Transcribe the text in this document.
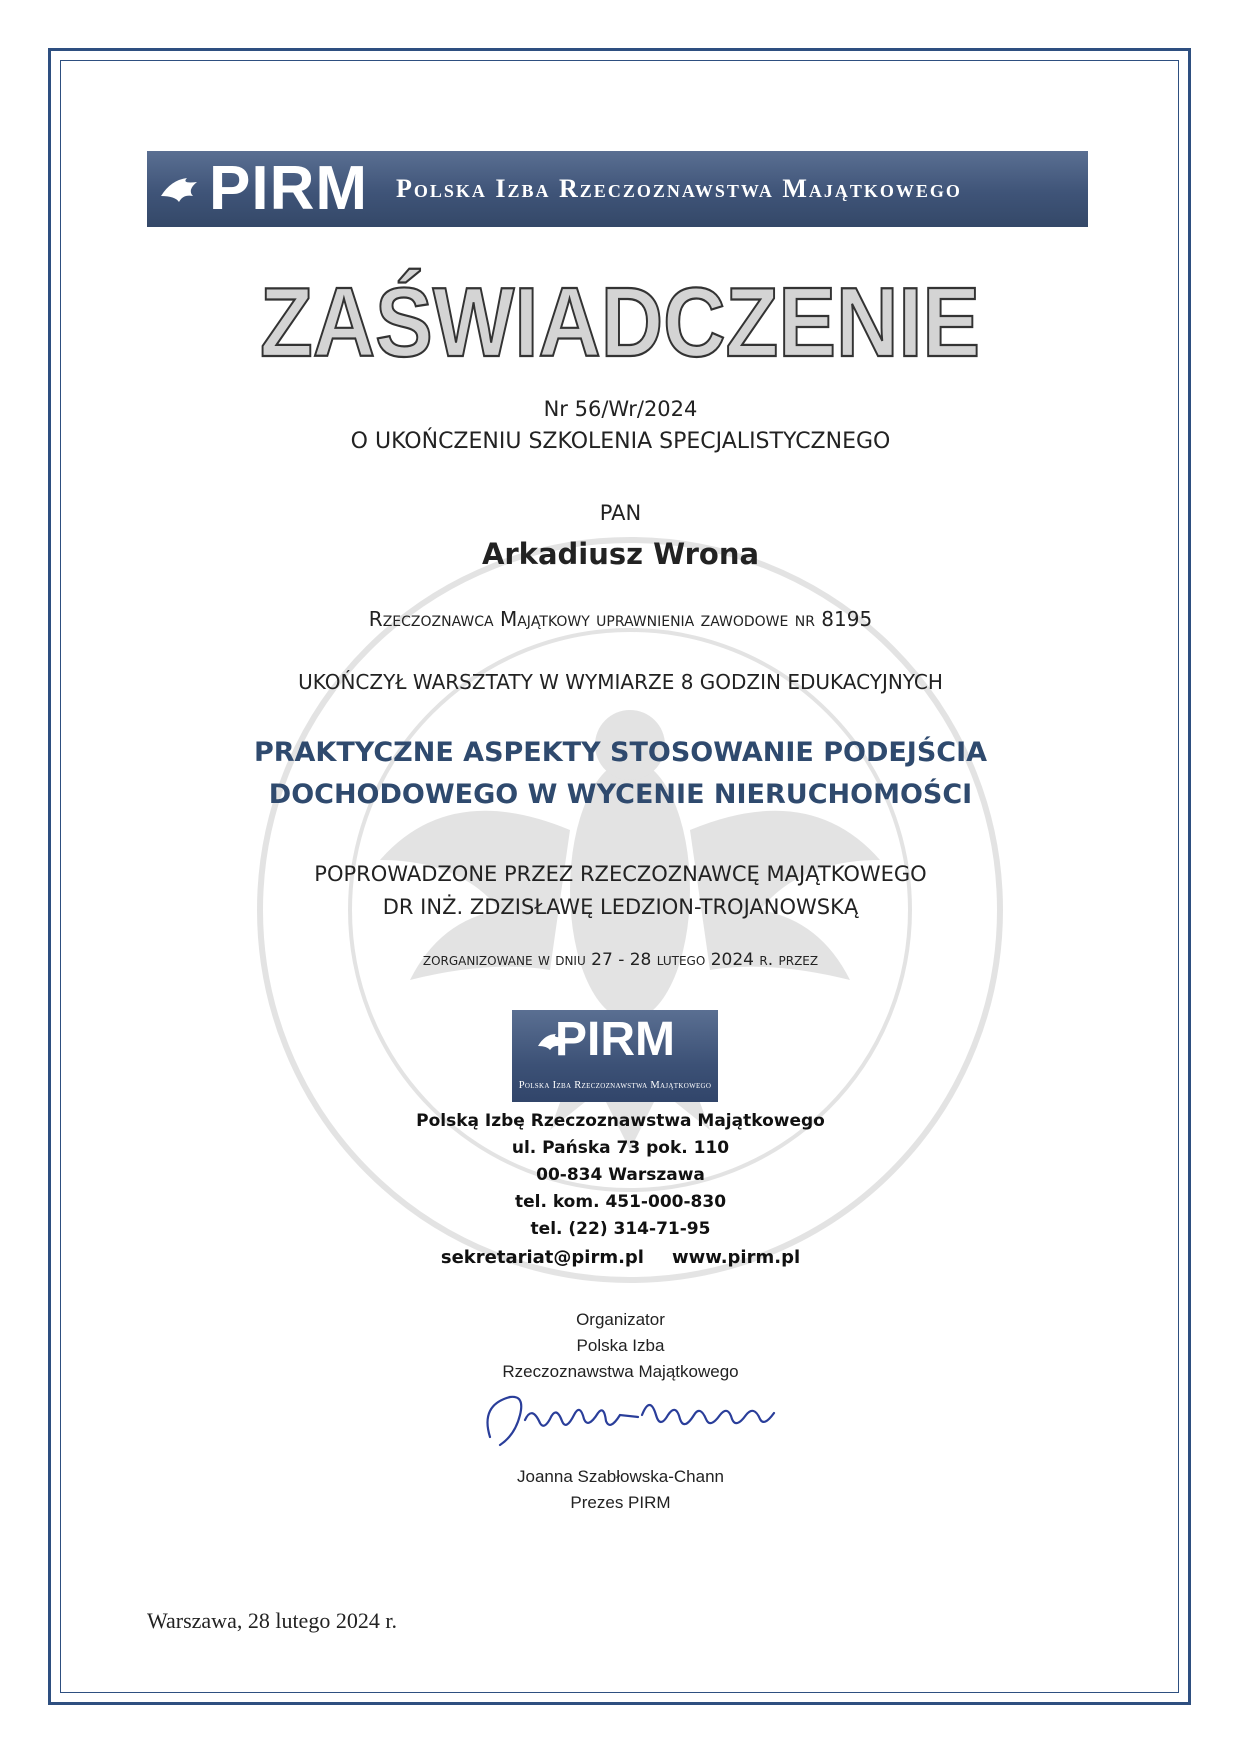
PIRM Polska Izba Rzeczoznawstwa Majątkowego
ZAŚWIADCZENIE
Nr 56/Wr/2024
O UKOŃCZENIU SZKOLENIA SPECJALISTYCZNEGO
PAN
Arkadiusz Wrona
Rzeczoznawca Majątkowy uprawnienia zawodowe nr 8195
UKOŃCZYŁ WARSZTATY W WYMIARZE 8 GODZIN EDUKACYJNYCH
PRAKTYCZNE ASPEKTY STOSOWANIE PODEJŚCIA
DOCHODOWEGO W WYCENIE NIERUCHOMOŚCI
POPROWADZONE PRZEZ RZECZOZNAWCĘ MAJĄTKOWEGO
DR INŻ. ZDZISŁAWĘ LEDZION-TROJANOWSKĄ
zorganizowane w dniu 27 - 28 lutego 2024 r. przez
PIRM
Polska Izba Rzeczoznawstwa Majątkowego
Polską Izbę Rzeczoznawstwa Majątkowego
ul. Pańska 73 pok. 110
00-834 Warszawa
tel. kom. 451-000-830
tel. (22) 314-71-95
sekretariat@pirm.pl www.pirm.pl
Organizator
Polska Izba
Rzeczoznawstwa Majątkowego
Joanna Szabłowska-Chann
Prezes PIRM
Warszawa, 28 lutego 2024 r.
